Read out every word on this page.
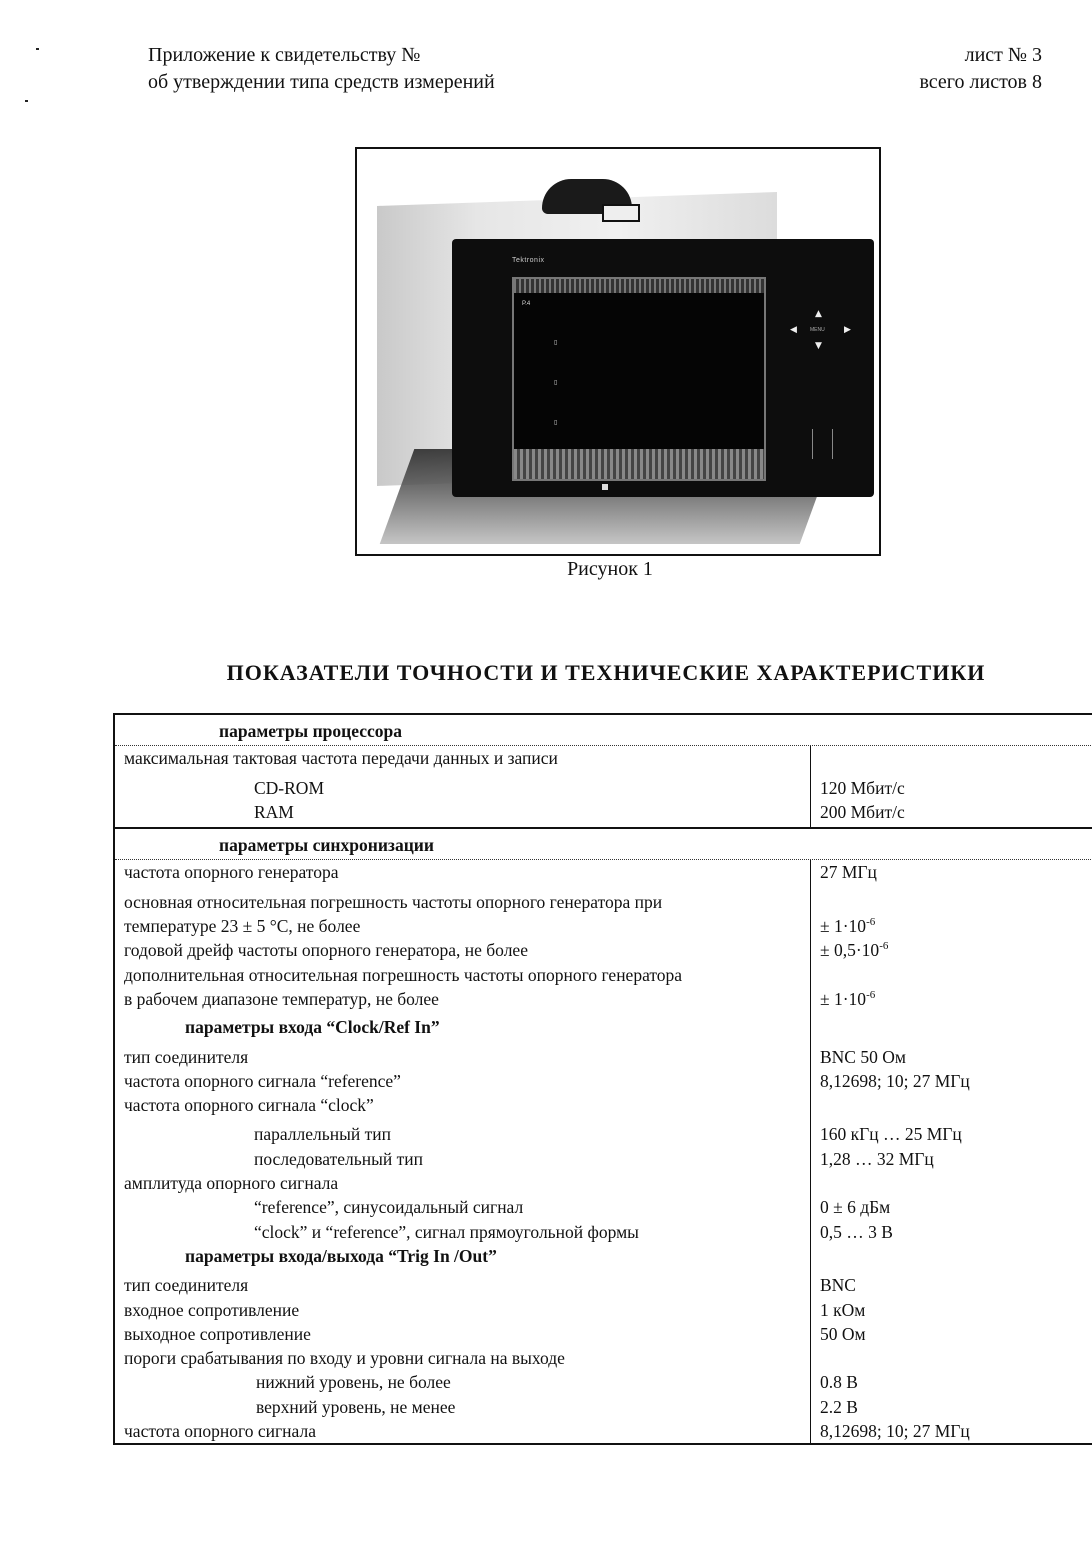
Приложение к свидетельству №
об утверждении типа средств измерений
лист № 3
всего листов 8
Tektronix
P.4
▯
▯
▯
▲
◀	MENU ▶
▼
Рисунок 1
ПОКАЗАТЕЛИ ТОЧНОСТИ И ТЕХНИЧЕСКИЕ ХАРАКТЕРИСТИКИ
параметры процессора
максимальная тактовая частота передачи данных и записи
CD-ROM	120 Мбит/с
RAM	200 Мбит/с
параметры синхронизации
частота опорного генератора	27 МГц
основная относительная погрешность частоты опорного генератора при
температуре 23 ± 5 °С, не более	± $1\cdot 10^{-6}$
годовой дрейф частоты опорного генератора, не более	± $0,5\cdot 10^{-6}$
дополнительная относительная погрешность частоты опорного генератора
в рабочем диапазоне температур, не более	± $1\cdot 10^{-6}$
параметры входа “Clock/Ref In”
тип соединителя	BNC 50 Ом
частота опорного сигнала “reference”	8,12698; 10; 27 МГц
частота опорного сигнала “clock”
параллельный тип	160 кГц … 25 МГц
последовательный тип	1,28 … 32 МГц
амплитуда опорного сигнала
“reference”, синусоидальный сигнал	0 ± 6 дБм
“clock” и “reference”, сигнал прямоугольной формы	0,5 … 3 В
параметры входа/выхода “Trig In /Out”
тип соединителя	BNC
входное сопротивление	1 кОм
выходное сопротивление	50 Ом
пороги срабатывания по входу и уровни сигнала на выходе
нижний уровень, не более	0.8 В
верхний уровень, не менее	2.2 В
частота опорного сигнала	8,12698; 10; 27 МГц
